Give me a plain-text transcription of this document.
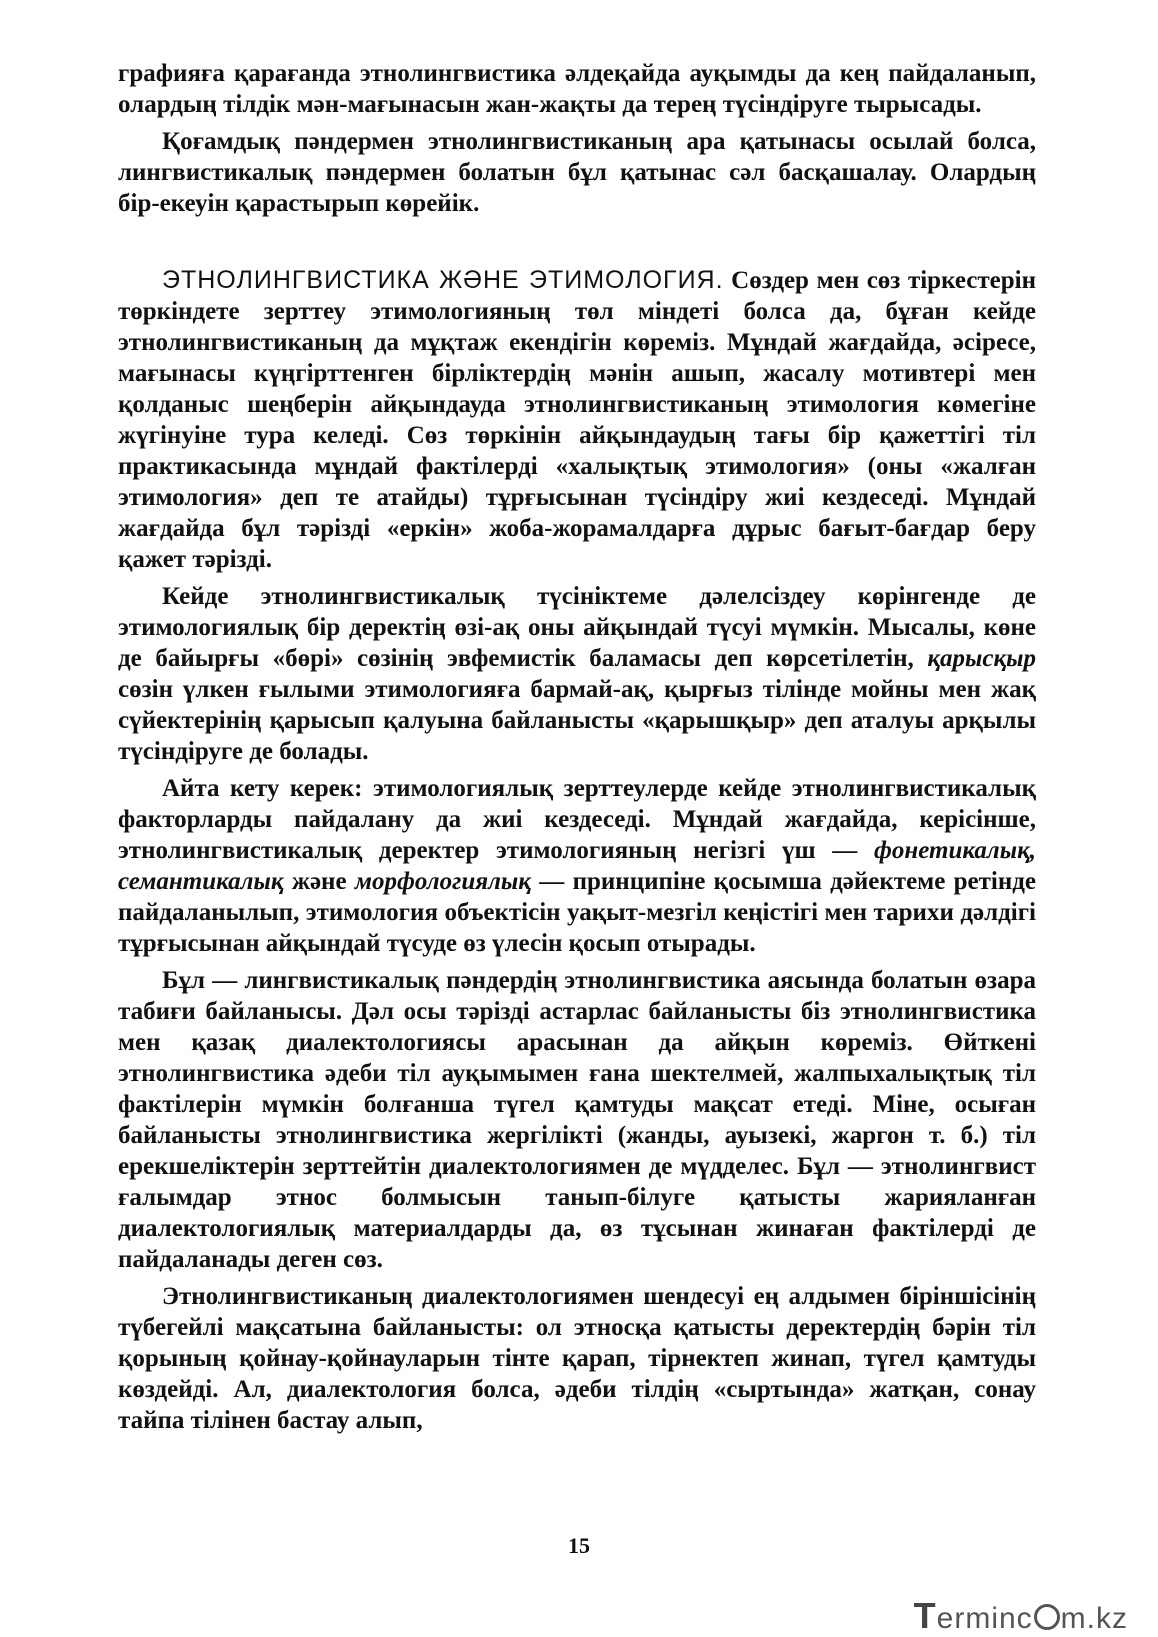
графияға қарағанда этнолингвистика әлдеқайда ауқымды да кең пайдаланып, олардың тілдік мән-мағынасын жан-жақты да терең түсіндіруге тырысады.

Қоғамдық пәндермен этнолингвистиканың ара қатынасы осылай болса, лингвистикалық пәндермен болатын бұл қатынас сәл басқашалау. Олардың бір-екеуін қарастырып көрейік.

ЭТНОЛИНГВИСТИКА ЖӘНЕ ЭТИМОЛОГИЯ. Сөздер мен сөз тіркестерін төркіндете зерттеу этимологияның төл міндеті болса да, бұған кейде этнолингвистиканың да мұқтаж екендігін көреміз. Мұндай жағдайда, әсіресе, мағынасы күңгірттенген бірліктердің мәнін ашып, жасалу мотивтері мен қолданыс шеңберін айқындауда этнолингвистиканың этимология көмегіне жүгінуіне тура келеді. Сөз төркінін айқындаудың тағы бір қажеттігі тіл практикасында мұндай фактілерді «халықтық этимология» (оны «жалған этимология» деп те атайды) тұрғысынан түсіндіру жиі кездеседі. Мұндай жағдайда бұл тәрізді «еркін» жоба-жорамалдарға дұрыс бағыт-бағдар беру қажет тәрізді.

Кейде этнолингвистикалық түсініктеме дәлелсіздеу көрінгенде де этимологиялық бір деректің өзі-ақ оны айқындай түсуі мүмкін. Мысалы, көне де байырғы «бөрі» сөзінің эвфемистік баламасы деп көрсетілетін, қарысқыр сөзін үлкен ғылыми этимологияға бармай-ақ, қырғыз тілінде мойны мен жақ сүйектерінің қарысып қалуына байланысты «қарышқыр» деп аталуы арқылы түсіндіруге де болады.

Айта кету керек: этимологиялық зерттеулерде кейде этнолингвистикалық факторларды пайдалану да жиі кездеседі. Мұндай жағдайда, керісінше, этнолингвистикалық деректер этимологияның негізгі үш — фонетикалық, семантикалық және морфологиялық — принципіне қосымша дәйектеме ретінде пайдаланылып, этимология объектісін уақыт-мезгіл кеңістігі мен тарихи дәлдігі тұрғысынан айқындай түсуде өз үлесін қосып отырады.

Бұл — лингвистикалық пәндердің этнолингвистика аясында болатын өзара табиғи байланысы. Дәл осы тәрізді астарлас байланысты біз этнолингвистика мен қазақ диалектологиясы арасынан да айқын көреміз. Өйткені этнолингвистика әдеби тіл ауқымымен ғана шектелмей, жалпыхалықтық тіл фактілерін мүмкін болғанша түгел қамтуды мақсат етеді. Міне, осыған байланысты этнолингвистика жергілікті (жанды, ауызекі, жаргон т. б.) тіл ерекшеліктерін зерттейтін диалектологиямен де мүдделес. Бұл — этнолингвист ғалымдар этнос болмысын танып-білуге қатысты жарияланған диалектологиялық материалдарды да, өз тұсынан жинаған фактілерді де пайдаланады деген сөз.

Этнолингвистиканың диалектологиямен шендесуі ең алдымен біріншісінің түбегейлі мақсатына байланысты: ол этносқа қатысты деректердің бәрін тіл қорының қойнау-қойнауларын тінте қарап, тірнектеп жинап, түгел қамтуды көздейді. Ал, диалектология болса, әдеби тілдің «сыртында» жатқан, сонау тайпа тілінен бастау алып,

15
Terminc m.kz
